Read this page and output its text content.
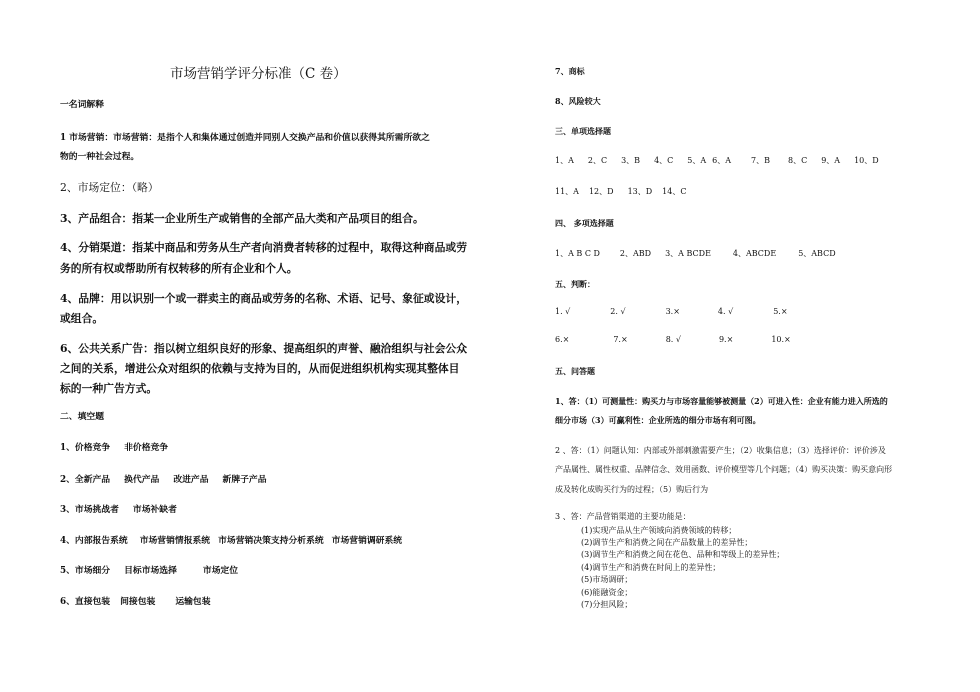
市场营销学评分标准（C 卷）
一名词解释
1 市场营销：市场营销：是指个人和集体通过创造并同别人交换产品和价值以获得其所需所欲之
物的一种社会过程。
2、市场定位：（略）
3、产品组合：指某一企业所生产或销售的全部产品大类和产品项目的组合。
4、分销渠道：指某中商品和劳务从生产者向消费者转移的过程中，取得这种商品或劳
务的所有权或帮助所有权转移的所有企业和个人。
4、品牌：用以识别一个或一群卖主的商品或劳务的名称、术语、记号、象征或设计，
或组合。
6、公共关系广告：指以树立组织良好的形象、提高组织的声誉、融洽组织与社会公众
之间的关系，增进公众对组织的依赖与支持为目的，从而促进组织机构实现其整体目
标的一种广告方式。
二、填空题
1、价格竞争 非价格竞争
2、全新产品 换代产品 改进产品 新牌子产品
3、市场挑战者 市场补缺者
4、内部报告系统 市场营销情报系统 市场营销决策支持分析系统 市场营销调研系统
5、市场细分 目标市场选择	市场定位
6、直接包装 间接包装 运输包装
7、商标
8、风险较大
三、单项选择题
1、A 2、C 3、B 4、C 5、A 6、A	7、B 8、C 9、A 10、D
11、A 12、D 13、D 14、C
四、 多项选择题
1、A B C D	2、ABD 3、A BCDE	4、ABCDE	5、ABCD
五、判断：
1. √	2. √	3.×	4. √	5.×
6.×	7.×	8. √	9.×	10.×
五、问答题
1、答：（1）可测量性：购买力与市场容量能够被测量（2）可进入性：企业有能力进入所选的
细分市场（3）可赢利性：企业所选的细分市场有利可图。
2 、答：（1）问题认知：内部或外部刺激需要产生；（2）收集信息；（3）选择评价：评价涉及
产品属性、属性权重、品牌信念、效用函数、评价模型等几个问题；（4）购买决策：购买意向形
成及转化成购买行为的过程；（5）购后行为
3 、答：产品营销渠道的主要功能是：
(1)实现产品从生产领域向消费领域的转移；
(2)调节生产和消费之间在产品数量上的差异性；
(3)调节生产和消费之间在花色、品种和等级上的差异性；
(4)调节生产和消费在时间上的差异性；
(5)市场调研；
(6)能融资金；
(7)分担风险；
